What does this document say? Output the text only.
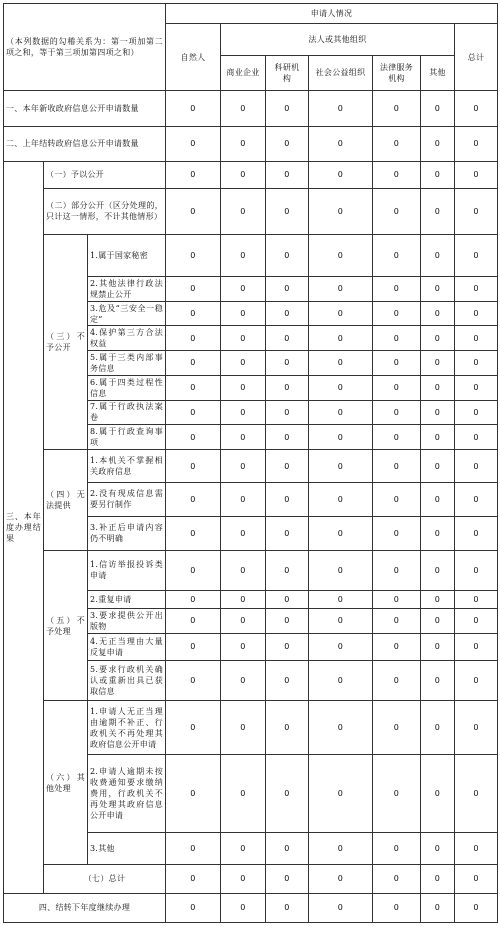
（本列数据的勾稽关系为：第一项加第二项之和，等于第三项加第四项之和）			申请人情况						
			自然人	法人或其他组织					总计
				商业企业	科研机构	社会公益组织	法律服务机构	其他	
一、本年新收政府信息公开申请数量			0	0	0	0	0	0	0
二、上年结转政府信息公开申请数量			0	0	0	0	0	0	0
三、本年度办理结果	（一）予以公开		0	0	0	0	0	0	0
	（二）部分公开（区分处理的，只计这一情形，不计其他情形）		0	0	0	0	0	0	0
	（三）不予公开	1.属于国家秘密	0	0	0	0	0	0	0
		2.其他法律行政法规禁止公开	0	0	0	0	0	0	0
		3.危及“三安全一稳定”	0	0	0	0	0	0	0
		4.保护第三方合法权益	0	0	0	0	0	0	0
		5.属于三类内部事务信息	0	0	0	0	0	0	0
		6.属于四类过程性信息	0	0	0	0	0	0	0
		7.属于行政执法案卷	0	0	0	0	0	0	0
		8.属于行政查询事项	0	0	0	0	0	0	0
	（四）无法提供	1.本机关不掌握相关政府信息	0	0	0	0	0	0	0
		2.没有现成信息需要另行制作	0	0	0	0	0	0	0
		3.补正后申请内容仍不明确	0	0	0	0	0	0	0
	（五）不予处理	1.信访举报投诉类申请	0	0	0	0	0	0	0
		2.重复申请	0	0	0	0	0	0	0
		3.要求提供公开出版物	0	0	0	0	0	0	0
		4.无正当理由大量反复申请	0	0	0	0	0	0	0
		5.要求行政机关确认或重新出具已获取信息	0	0	0	0	0	0	0
	（六）其他处理	1.申请人无正当理由逾期不补正、行政机关不再处理其政府信息公开申请	0	0	0	0	0	0	0
		2.申请人逾期未按收费通知要求缴纳费用，行政机关不再处理其政府信息公开申请	0	0	0	0	0	0	0
		3.其他	0	0	0	0	0	0	0
	（七）总计		0	0	0	0	0	0	0
四、结转下年度继续办理			0	0	0	0	0	0	0
